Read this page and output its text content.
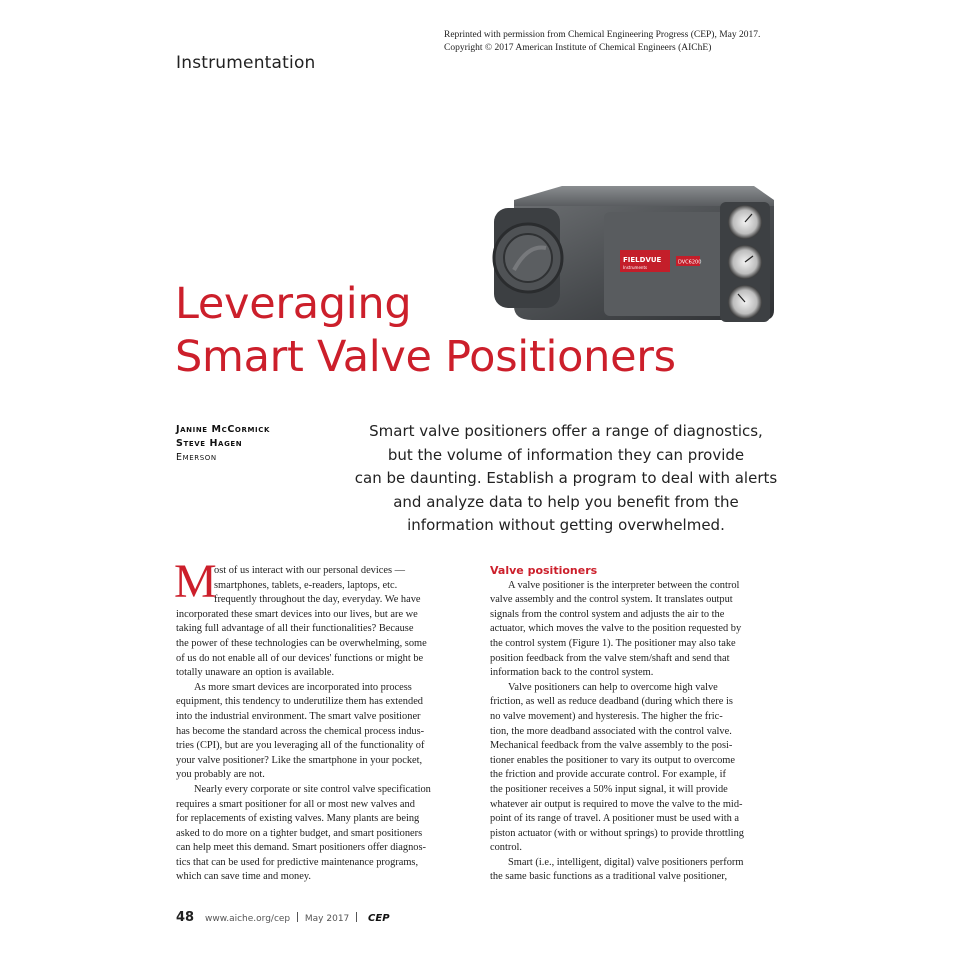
Reprinted with permission from Chemical Engineering Progress (CEP), May 2017.
Copyright © 2017 American Institute of Chemical Engineers (AIChE)
Instrumentation
FIELDVUE
Instruments
DVC6200
Leveraging
Smart Valve Positioners
Janine McCormick
Steve Hagen
Emerson
Smart valve positioners offer a range of diagnostics,
but the volume of information they can provide
can be daunting. Establish a program to deal with alerts
and analyze data to help you benefit from the
information without getting overwhelmed.
M
ost of us interact with our personal devices —
smartphones, tablets, e-readers, laptops, etc.
frequently throughout the day, everyday. We have
incorporated these smart devices into our lives, but are we
taking full advantage of all their functionalities? Because
the power of these technologies can be overwhelming, some
of us do not enable all of our devices' functions or might be
totally unaware an option is available.
As more smart devices are incorporated into process
equipment, this tendency to underutilize them has extended
into the industrial environment. The smart valve positioner
has become the standard across the chemical process indus-
tries (CPI), but are you leveraging all of the functionality of
your valve positioner? Like the smartphone in your pocket,
you probably are not.
Nearly every corporate or site control valve specification
requires a smart positioner for all or most new valves and
for replacements of existing valves. Many plants are being
asked to do more on a tighter budget, and smart positioners
can help meet this demand. Smart positioners offer diagnos-
tics that can be used for predictive maintenance programs,
which can save time and money.
Valve positioners
A valve positioner is the interpreter between the control
valve assembly and the control system. It translates output
signals from the control system and adjusts the air to the
actuator, which moves the valve to the position requested by
the control system (Figure 1). The positioner may also take
position feedback from the valve stem/shaft and send that
information back to the control system.
Valve positioners can help to overcome high valve
friction, as well as reduce deadband (during which there is
no valve movement) and hysteresis. The higher the fric-
tion, the more deadband associated with the control valve.
Mechanical feedback from the valve assembly to the posi-
tioner enables the positioner to vary its output to overcome
the friction and provide accurate control. For example, if
the positioner receives a 50% input signal, it will provide
whatever air output is required to move the valve to the mid-
point of its range of travel. A positioner must be used with a
piston actuator (with or without springs) to provide throttling
control.
Smart (i.e., intelligent, digital) valve positioners perform
the same basic functions as a traditional valve positioner,
48 www.aiche.org/cep May 2017 CEP
